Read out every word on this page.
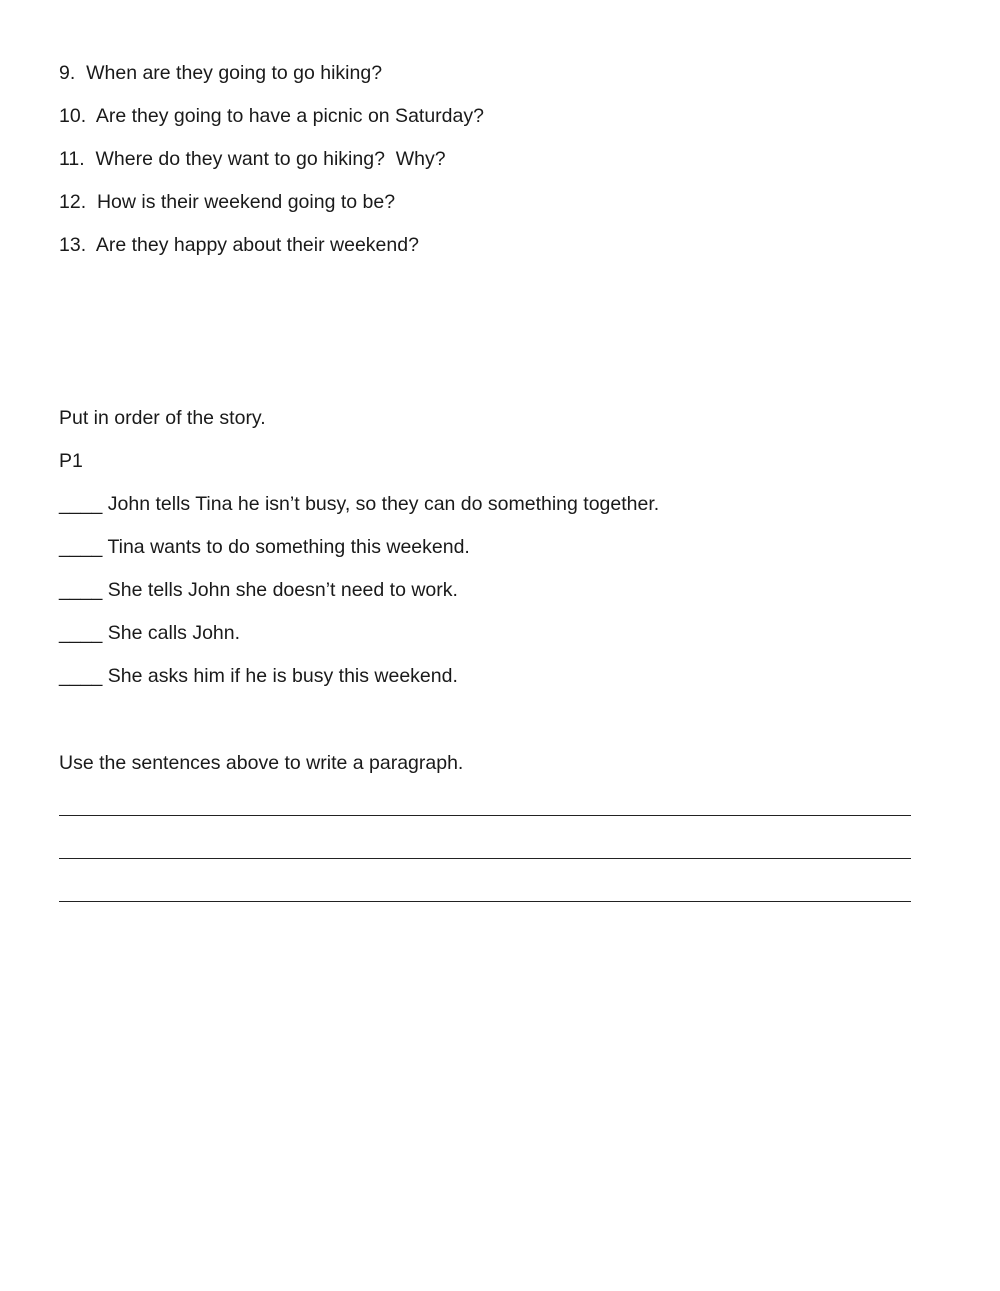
9.  When are they going to go hiking?
10.  Are they going to have a picnic on Saturday?
11.  Where do they want to go hiking?  Why?
12.  How is their weekend going to be?
13.  Are they happy about their weekend?
Put in order of the story.
P1
____ John tells Tina he isn’t busy, so they can do something together.
____ Tina wants to do something this weekend.
____ She tells John she doesn’t need to work.
____ She calls John.
____ She asks him if he is busy this weekend.
Use the sentences above to write a paragraph.
